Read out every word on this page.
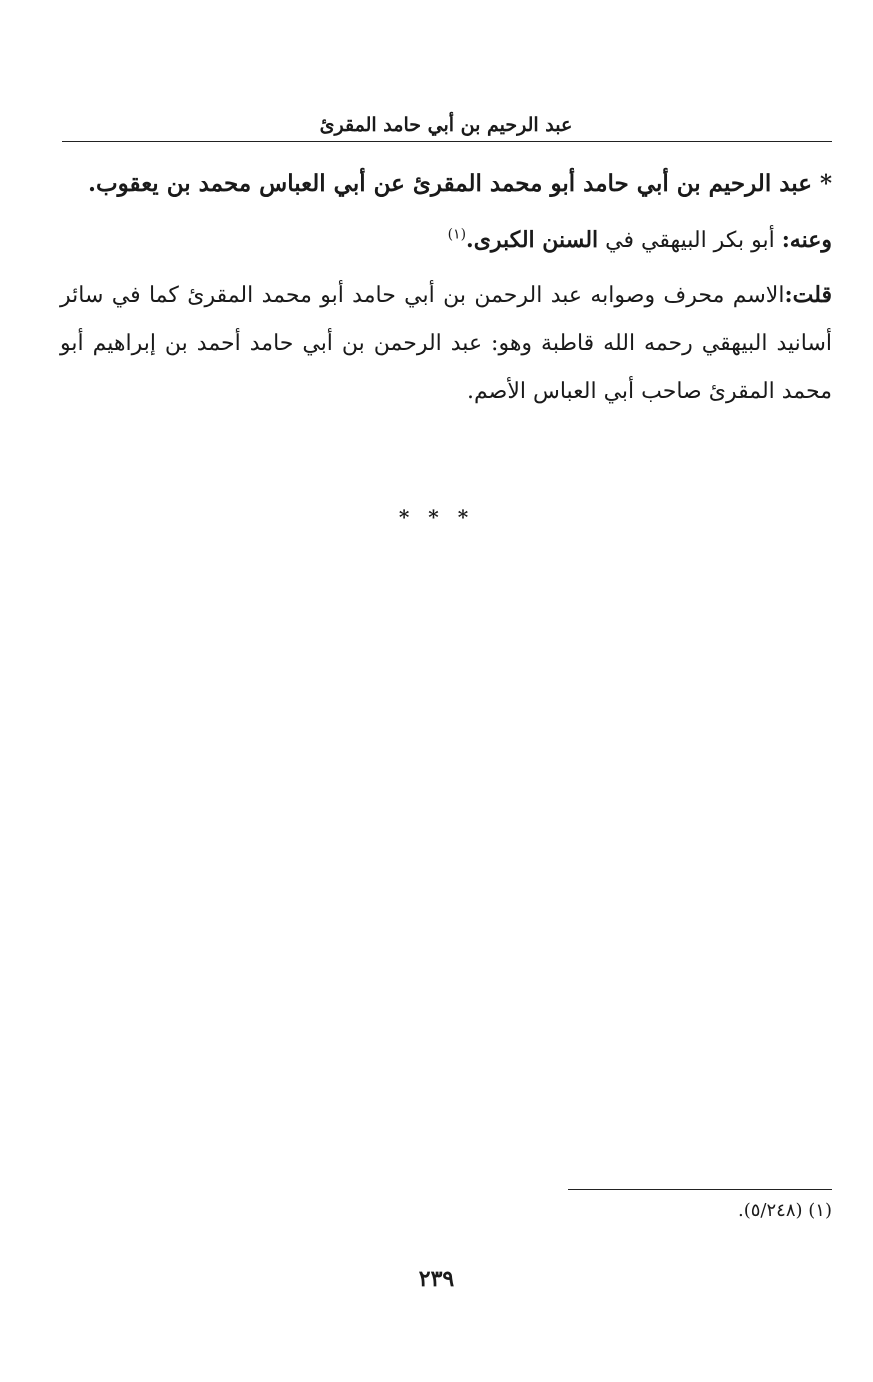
عبد الرحيم بن أبي حامد المقرئ

* عبد الرحيم بن أبي حامد أبو محمد المقرئ عن أبي العباس محمد بن يعقوب.

وعنه: أبو بكر البيهقي في السنن الكبرى.$^{(١)}$

قلت:الاسم محرف وصوابه عبد الرحمن بن أبي حامد أبو محمد المقرئ كما في سائر أسانيد البيهقي رحمه الله قاطبة وهو: عبد الرحمن بن أبي حامد أحمد بن إبراهيم أبو محمد المقرئ صاحب أبي العباس الأصم.

* * *
(١) (٥/٢٤٨).
٢٣٩
